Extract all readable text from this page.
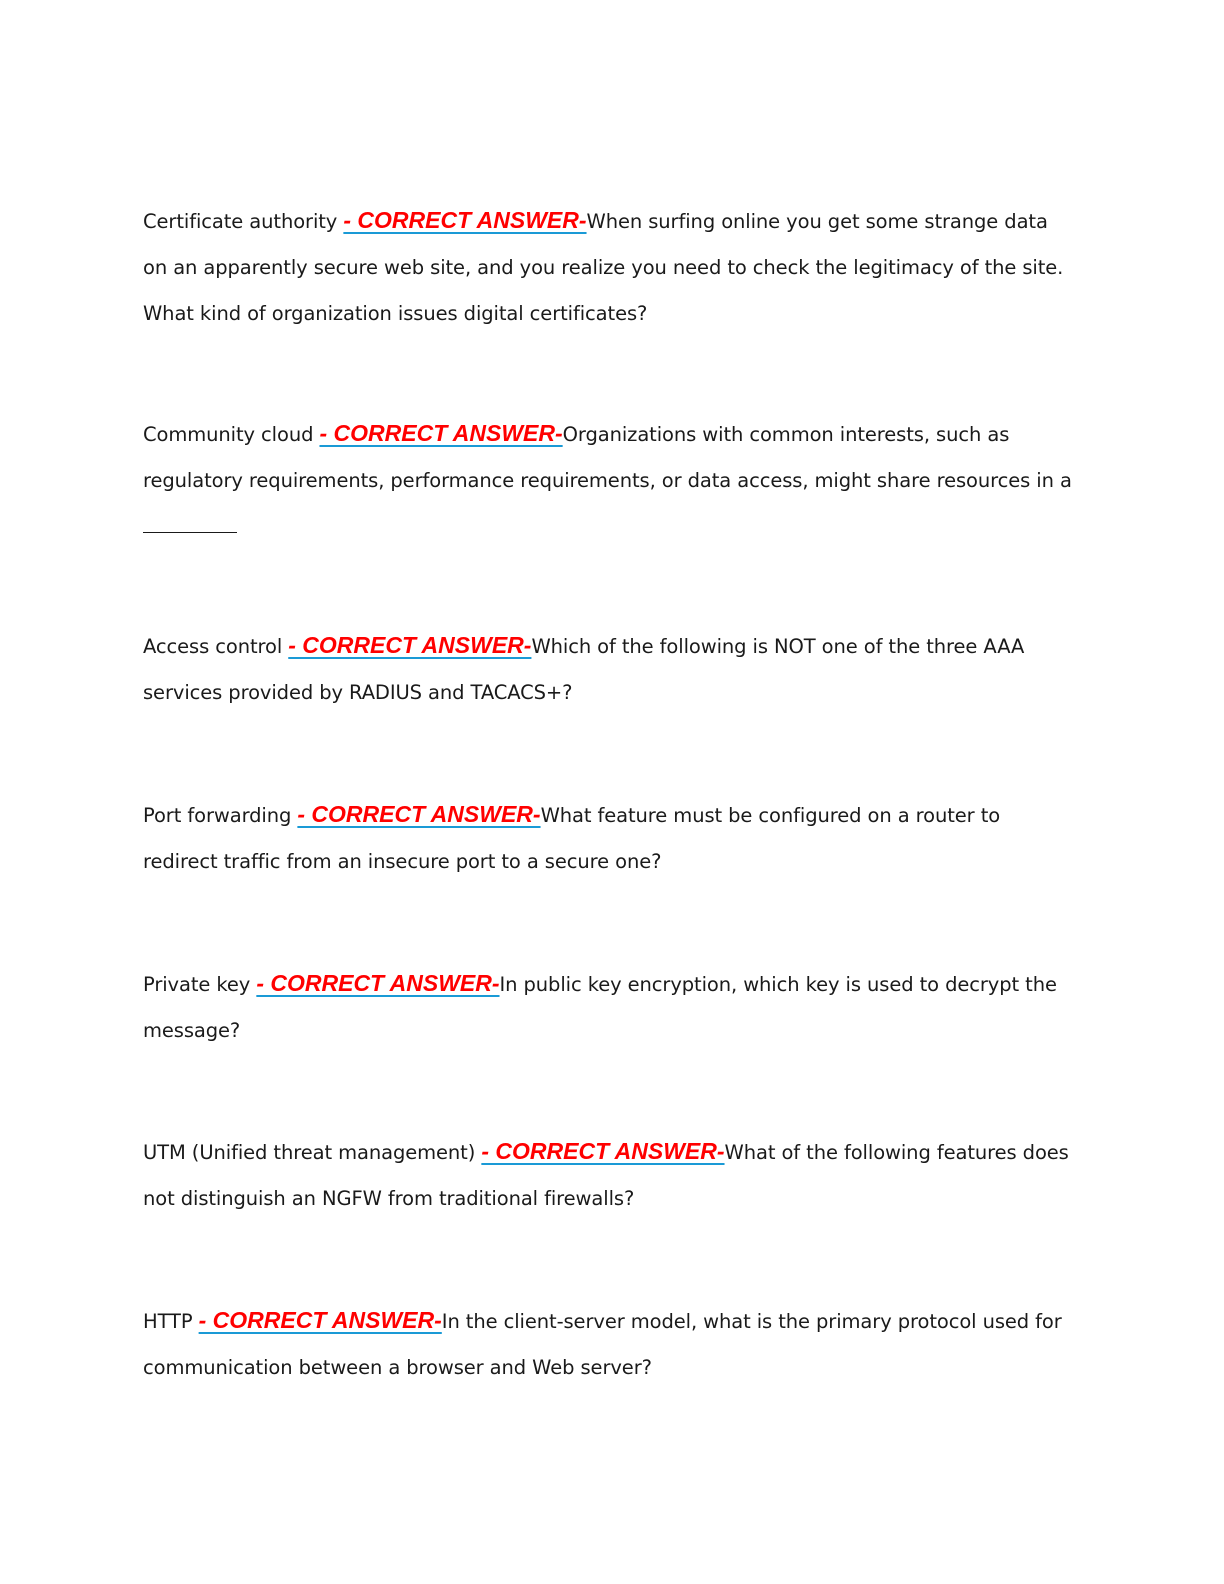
Certificate authority - CORRECT ANSWER-When surfing online you get some strange data on an apparently secure web site, and you realize you need to check the legitimacy of the site. What kind of organization issues digital certificates?

Community cloud - CORRECT ANSWER-Organizations with common interests, such as regulatory requirements, performance requirements, or data access, might share resources in a

Access control - CORRECT ANSWER-Which of the following is NOT one of the three AAA services provided by RADIUS and TACACS+?

Port forwarding - CORRECT ANSWER-What feature must be configured on a router to redirect traffic from an insecure port to a secure one?

Private key - CORRECT ANSWER-In public key encryption, which key is used to decrypt the message?

UTM (Unified threat management) - CORRECT ANSWER-What of the following features does not distinguish an NGFW from traditional firewalls?

HTTP - CORRECT ANSWER-In the client-server model, what is the primary protocol used for communication between a browser and Web server?
